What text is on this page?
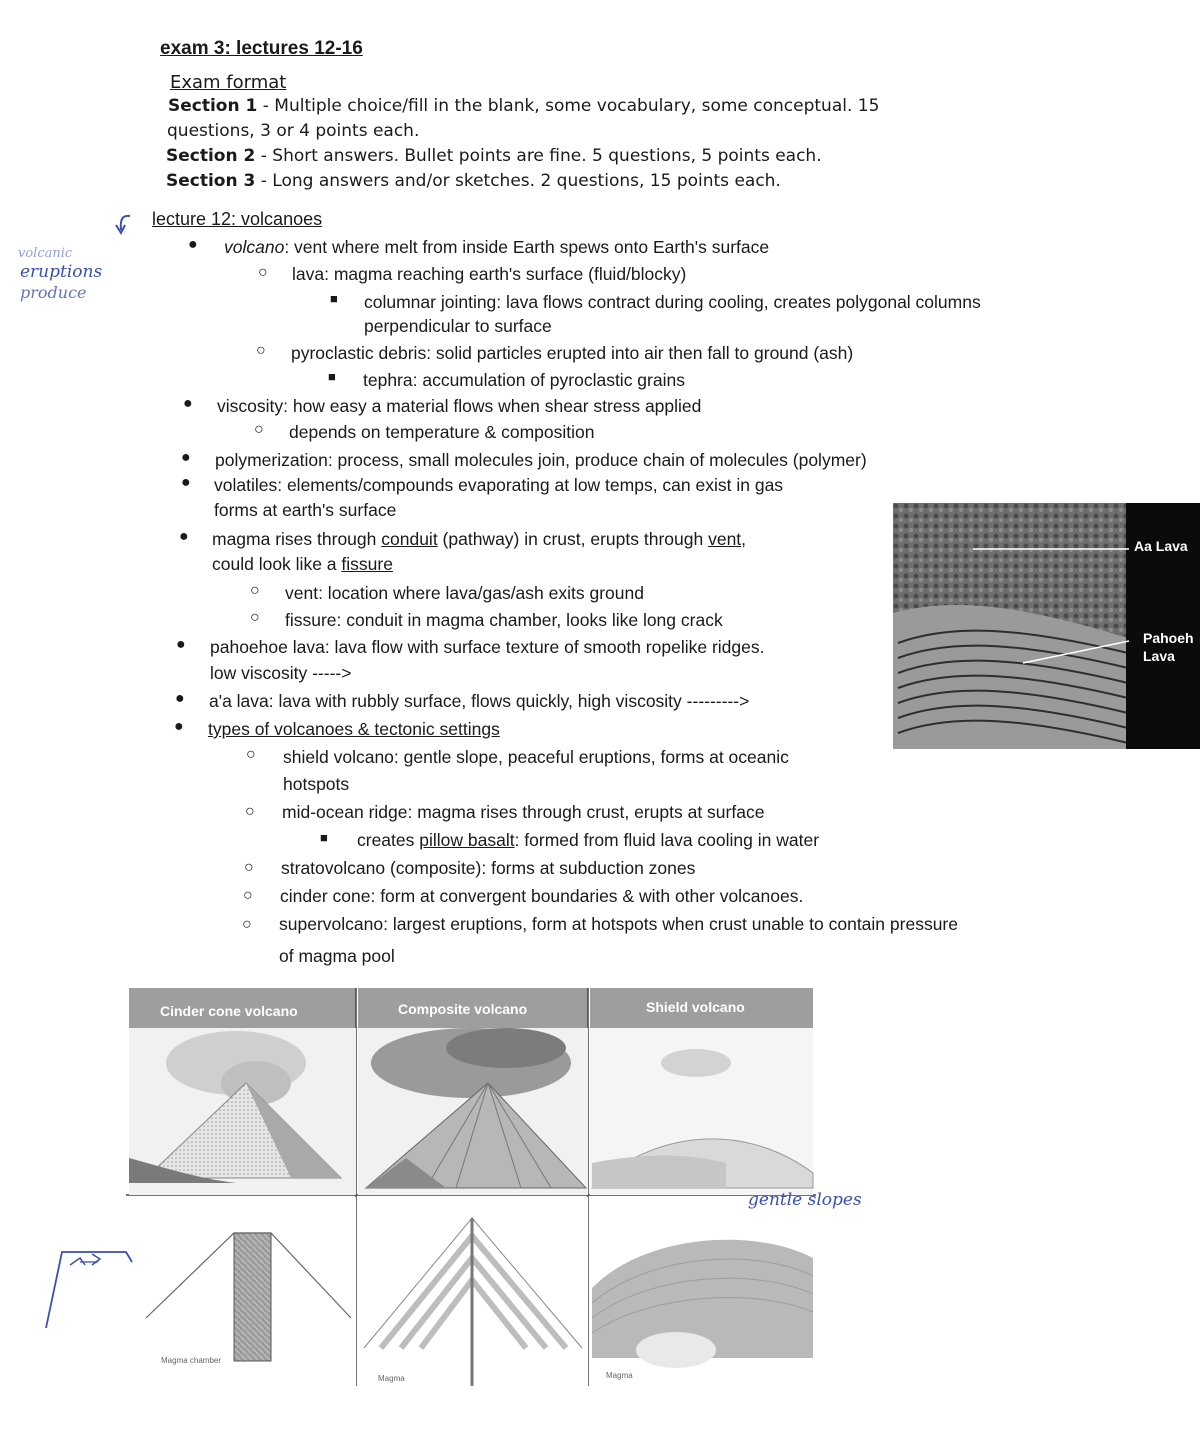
exam 3: lectures 12-16
Exam format
Section 1 - Multiple choice/fill in the blank, some vocabulary, some conceptual. 15
questions, 3 or 4 points each.
Section 2 - Short answers. Bullet points are fine. 5 questions, 5 points each.
Section 3 - Long answers and/or sketches. 2 questions, 15 points each.
lecture 12: volcanoes
volcanic
eruptions
produce
● volcano: vent where melt from inside Earth spews onto Earth's surface
○ lava: magma reaching earth's surface (fluid/blocky)
■ columnar jointing: lava flows contract during cooling, creates polygonal columns
perpendicular to surface
○ pyroclastic debris: solid particles erupted into air then fall to ground (ash)
■ tephra: accumulation of pyroclastic grains
● viscosity: how easy a material flows when shear stress applied
○ depends on temperature & composition
● polymerization: process, small molecules join, produce chain of molecules (polymer)
● volatiles: elements/compounds evaporating at low temps, can exist in gas
forms at earth's surface
● magma rises through conduit (pathway) in crust, erupts through vent,
could look like a fissure
○ vent: location where lava/gas/ash exits ground
○ fissure: conduit in magma chamber, looks like long crack
● pahoehoe lava: lava flow with surface texture of smooth ropelike ridges.
low viscosity ----->
● a'a lava: lava with rubbly surface, flows quickly, high viscosity --------->
● types of volcanoes & tectonic settings
○ shield volcano: gentle slope, peaceful eruptions, forms at oceanic
hotspots
○ mid-ocean ridge: magma rises through crust, erupts at surface
■ creates pillow basalt: formed from fluid lava cooling in water
○ stratovolcano (composite): forms at subduction zones
○ cinder cone: form at convergent boundaries & with other volcanoes.
○ supervolcano: largest eruptions, form at hotspots when crust unable to contain pressure
of magma pool
Aa Lava
Pahoeh
Lava
Cinder cone volcano	Composite volcano	Shield volcano
Magma chamber
Magma	Magma
gentle slopes
